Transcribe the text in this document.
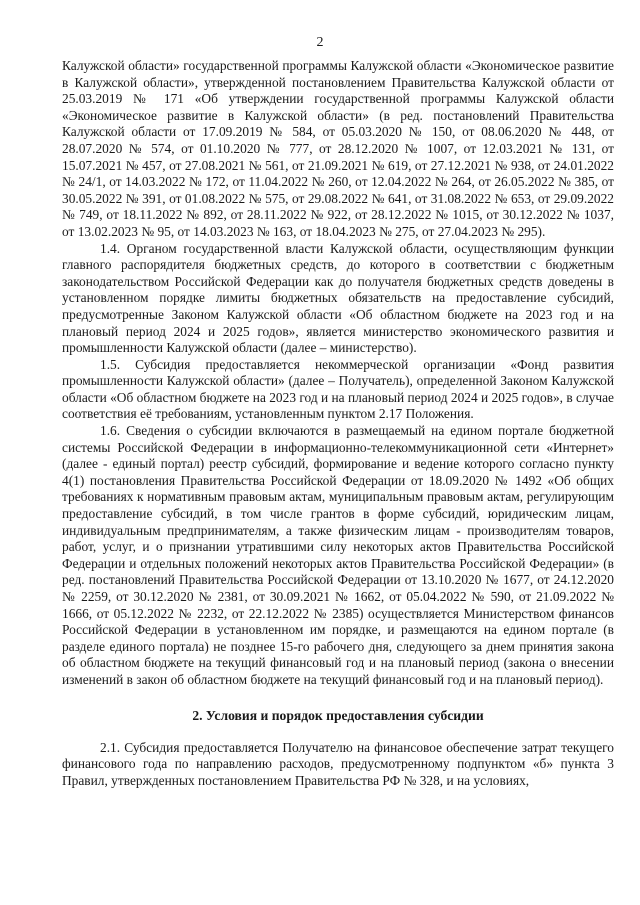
2

Калужской области» государственной программы Калужской области «Экономическое развитие в Калужской области», утвержденной постановлением Правительства Калужской области от 25.03.2019 № 171 «Об утверждении государственной программы Калужской области «Экономическое развитие в Калужской области» (в ред. постановлений Правительства Калужской области от 17.09.2019 № 584, от 05.03.2020 № 150, от 08.06.2020 № 448, от 28.07.2020 № 574, от 01.10.2020 № 777, от 28.12.2020 № 1007, от 12.03.2021 № 131, от 15.07.2021 № 457, от 27.08.2021 № 561, от 21.09.2021 № 619, от 27.12.2021 № 938, от 24.01.2022 № 24/1, от 14.03.2022 № 172, от 11.04.2022 № 260, от 12.04.2022 № 264, от 26.05.2022 № 385, от 30.05.2022 № 391, от 01.08.2022 № 575, от 29.08.2022 № 641, от 31.08.2022 № 653, от 29.09.2022 № 749, от 18.11.2022 № 892, от 28.11.2022 № 922, от 28.12.2022 № 1015, от 30.12.2022 № 1037, от 13.02.2023 № 95, от 14.03.2023 № 163, от 18.04.2023 № 275, от 27.04.2023 № 295).

1.4. Органом государственной власти Калужской области, осуществляющим функции главного распорядителя бюджетных средств, до которого в соответствии с бюджетным законодательством Российской Федерации как до получателя бюджетных средств доведены в установленном порядке лимиты бюджетных обязательств на предоставление субсидий, предусмотренные Законом Калужской области «Об областном бюджете на 2023 год и на плановый период 2024 и 2025 годов», является министерство экономического развития и промышленности Калужской области (далее – министерство).

1.5. Субсидия предоставляется некоммерческой организации «Фонд развития промышленности Калужской области» (далее – Получатель), определенной Законом Калужской области «Об областном бюджете на 2023 год и на плановый период 2024 и 2025 годов», в случае соответствия её требованиям, установленным пунктом 2.17 Положения.

1.6. Сведения о субсидии включаются в размещаемый на едином портале бюджетной системы Российской Федерации в информационно-телекоммуникационной сети «Интернет» (далее - единый портал) реестр субсидий, формирование и ведение которого согласно пункту 4(1) постановления Правительства Российской Федерации от 18.09.2020 № 1492 «Об общих требованиях к нормативным правовым актам, муниципальным правовым актам, регулирующим предоставление субсидий, в том числе грантов в форме субсидий, юридическим лицам, индивидуальным предпринимателям, а также физическим лицам - производителям товаров, работ, услуг, и о признании утратившими силу некоторых актов Правительства Российской Федерации и отдельных положений некоторых актов Правительства Российской Федерации» (в ред. постановлений Правительства Российской Федерации от 13.10.2020 № 1677, от 24.12.2020 № 2259, от 30.12.2020 № 2381, от 30.09.2021 № 1662, от 05.04.2022 № 590, от 21.09.2022 № 1666, от 05.12.2022 № 2232, от 22.12.2022 № 2385) осуществляется Министерством финансов Российской Федерации в установленном им порядке, и размещаются на едином портале (в разделе единого портала) не позднее 15-го рабочего дня, следующего за днем принятия закона об областном бюджете на текущий финансовый год и на плановый период (закона о внесении изменений в закон об областном бюджете на текущий финансовый год и на плановый период).

2. Условия и порядок предоставления субсидии

2.1. Субсидия предоставляется Получателю на финансовое обеспечение затрат текущего финансового года по направлению расходов, предусмотренному подпунктом «б» пункта 3 Правил, утвержденных постановлением Правительства РФ № 328, и на условиях,
